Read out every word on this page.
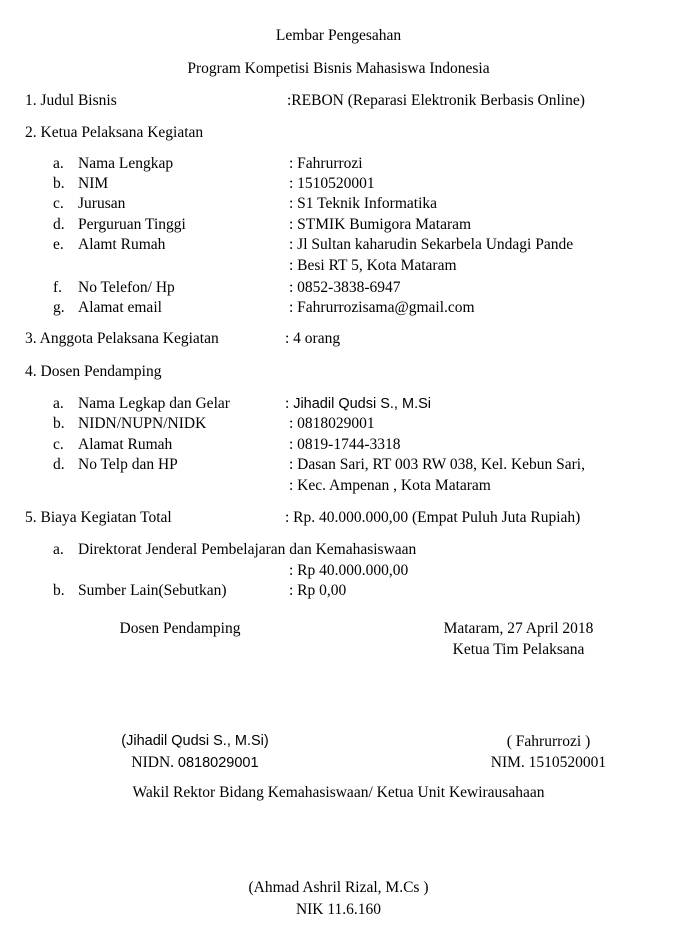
Lembar Pengesahan
Program Kompetisi Bisnis Mahasiswa Indonesia
1. Judul Bisnis	:REBON (Reparasi Elektronik Berbasis Online)
2. Ketua Pelaksana Kegiatan
a. Nama Lengkap	: Fahrurrozi
b. NIM	: 1510520001
c. Jurusan	: S1 Teknik Informatika
d. Perguruan Tinggi	: STMIK Bumigora Mataram
e. Alamt Rumah	: Jl Sultan kaharudin Sekarbela Undagi Pande
: Besi RT 5, Kota Mataram
f.	No Telefon/ Hp	: 0852-3838-6947
g. Alamat email	: Fahrurrozisama@gmail.com
3. Anggota Pelaksana Kegiatan	: 4 orang
4. Dosen Pendamping
a. Nama Legkap dan Gelar	: Jihadil Qudsi S., M.Si
b. NIDN/NUPN/NIDK	: 0818029001
c. Alamat Rumah	: 0819-1744-3318
d. No Telp dan HP	: Dasan Sari, RT 003 RW 038, Kel. Kebun Sari,
: Kec. Ampenan , Kota Mataram
5. Biaya Kegiatan Total	: Rp. 40.000.000,00 (Empat Puluh Juta Rupiah)
a. Direktorat Jenderal Pembelajaran dan Kemahasiswaan
: Rp 40.000.000,00
b. Sumber Lain(Sebutkan)	: Rp 0,00
Dosen Pendamping	Mataram, 27 April 2018
Ketua Tim Pelaksana
(Jihadil Qudsi S., M.Si)
NIDN. 0818029001
( Fahrurrozi )
NIM. 1510520001
Wakil Rektor Bidang Kemahasiswaan/ Ketua Unit Kewirausahaan
(Ahmad Ashril Rizal, M.Cs )
NIK 11.6.160
